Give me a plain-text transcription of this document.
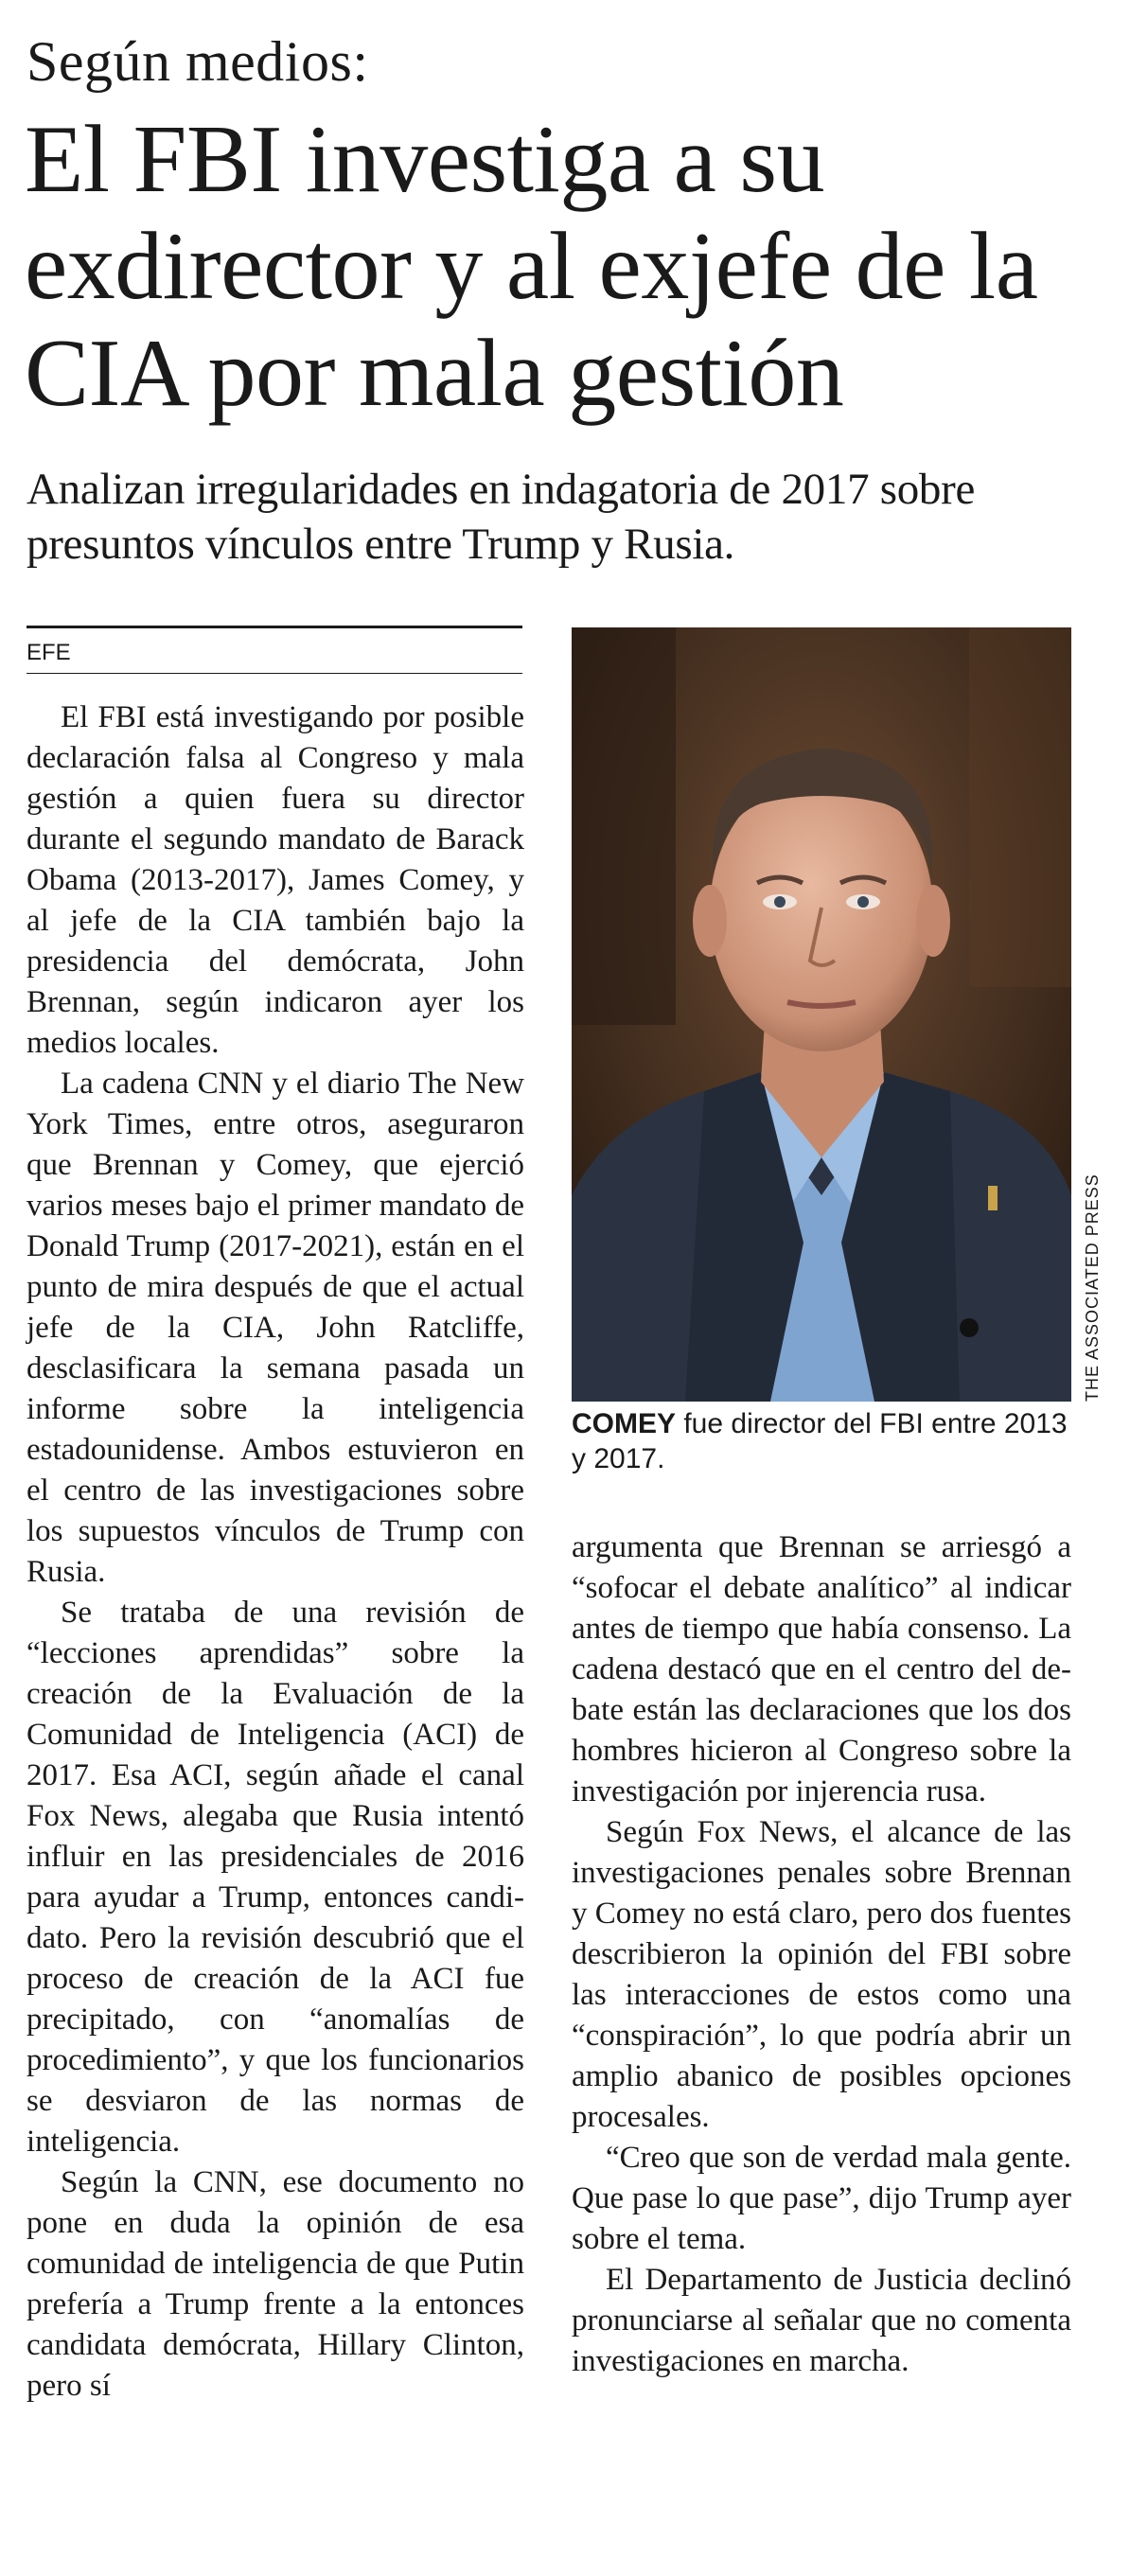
Según medios:
El FBI investiga a su exdirector y al exjefe de la CIA por mala gestión
Analizan irregularidades en indagatoria de 2017 sobre presuntos vínculos entre Trump y Rusia.
EFE

El FBI está investigando por posible declaración falsa al Congreso y mala gestión a quien fuera su director durante el segundo mandato de Barack Obama (2013-2017), James Comey, y al jefe de la CIA también bajo la presidencia del demócrata, John Brennan, según indicaron ayer los medios locales.

La cadena CNN y el diario The New York Times, entre otros, aseguraron que Brennan y Comey, que ejerció varios meses bajo el primer mandato de Donald Trump (2017-2021), están en el punto de mira después de que el actual jefe de la CIA, John Ratcliffe, desclasificara la semana pasada un informe sobre la inteligencia estadounidense. Ambos estuvieron en el centro de las investigaciones sobre los supuestos vínculos de Trump con Rusia.

Se trataba de una revisión de “lecciones aprendidas” sobre la creación de la Evaluación de la Comunidad de Inteligencia (ACI) de 2017. Esa ACI, según añade el canal Fox News, alegaba que Rusia intentó influir en las presidenciales de 2016 para ayudar a Trump, entonces candidato. Pero la revisión descubrió que el proceso de creación de la ACI fue precipitado, con “anomalías de procedimiento”, y que los funcionarios se desviaron de las normas de inteligencia.

Según la CNN, ese documento no pone en duda la opinión de esa comunidad de inteligencia de que Putin prefería a Trump frente a la entonces candidata demócrata, Hillary Clinton, pero sí

THE ASSOCIATED PRESS
COMEY fue director del FBI entre 2013 y 2017.

argumenta que Brennan se arriesgó a “sofocar el debate analítico” al indicar antes de tiempo que había consenso. La cadena destacó que en el centro del debate están las declaraciones que los dos hombres hicieron al Congreso sobre la investigación por injerencia rusa.

Según Fox News, el alcance de las investigaciones penales sobre Brennan y Comey no está claro, pero dos fuentes describieron la opinión del FBI sobre las interacciones de estos como una “conspiración”, lo que podría abrir un amplio abanico de posibles opciones procesales.

“Creo que son de verdad mala gente. Que pase lo que pase”, dijo Trump ayer sobre el tema.

El Departamento de Justicia declinó pronunciarse al señalar que no comenta investigaciones en marcha.
